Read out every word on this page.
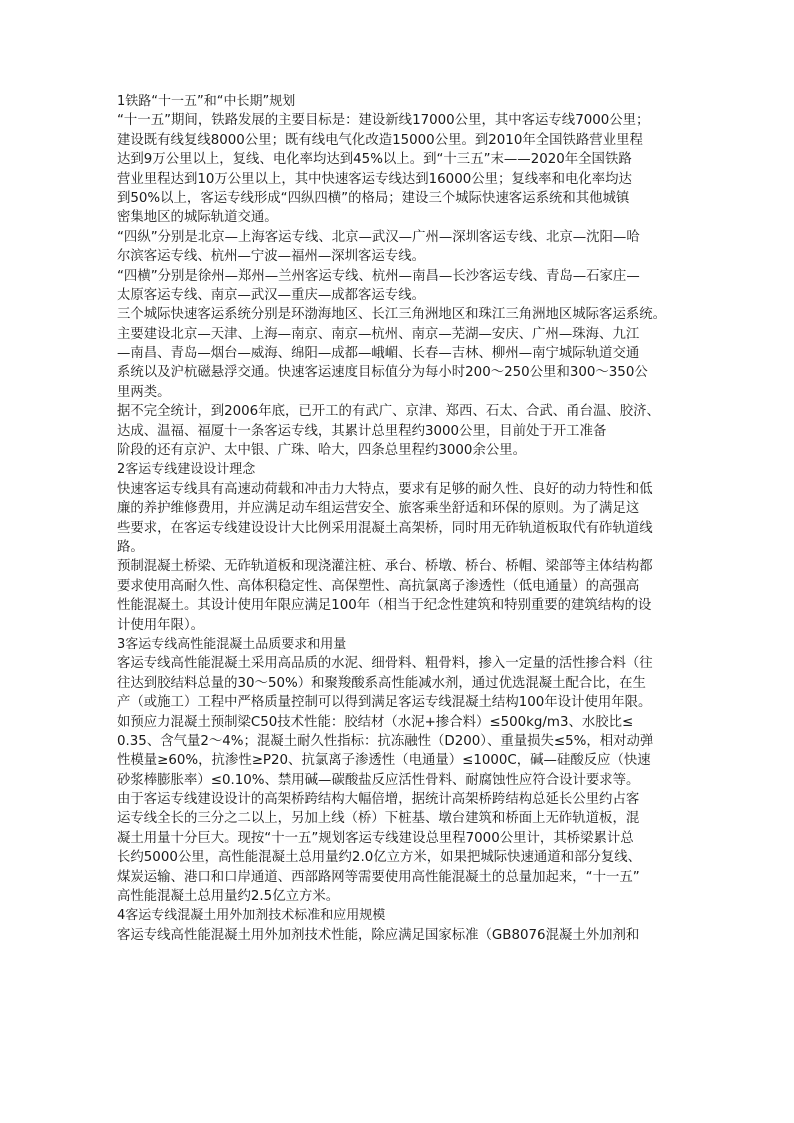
1铁路“十一五”和“中长期”规划
“十一五”期间，铁路发展的主要目标是：建设新线17000公里，其中客运专线7000公里；
建设既有线复线8000公里；既有线电气化改造15000公里。到2010年全国铁路营业里程
达到9万公里以上，复线、电化率均达到45%以上。到“十三五”末——2020年全国铁路
营业里程达到10万公里以上，其中快速客运专线达到16000公里；复线率和电化率均达
到50%以上，客运专线形成“四纵四横”的格局；建设三个城际快速客运系统和其他城镇
密集地区的城际轨道交通。
“四纵”分别是北京—上海客运专线、北京—武汉—广州—深圳客运专线、北京—沈阳—哈
尔滨客运专线、杭州—宁波—福州—深圳客运专线。
“四横”分别是徐州—郑州—兰州客运专线、杭州—南昌—长沙客运专线、青岛—石家庄—
太原客运专线、南京—武汉—重庆—成都客运专线。
三个城际快速客运系统分别是环渤海地区、长江三角洲地区和珠江三角洲地区城际客运系统。
主要建设北京—天津、上海—南京、南京—杭州、南京—芜湖—安庆、广州—珠海、九江
—南昌、青岛—烟台—威海、绵阳—成都—峨嵋、长春—吉林、柳州—南宁城际轨道交通
系统以及沪杭磁悬浮交通。快速客运速度目标值分为每小时200～250公里和300～350公
里两类。
据不完全统计，到2006年底，已开工的有武广、京津、郑西、石太、合武、甬台温、胶济、
达成、温福、福厦十一条客运专线，其累计总里程约3000公里，目前处于开工准备
阶段的还有京沪、太中银、广珠、哈大，四条总里程约3000余公里。
2客运专线建设设计理念
快速客运专线具有高速动荷载和冲击力大特点，要求有足够的耐久性、良好的动力特性和低
廉的养护维修费用，并应满足动车组运营安全、旅客乘坐舒适和环保的原则。为了满足这
些要求，在客运专线建设设计大比例采用混凝土高架桥，同时用无砟轨道板取代有砟轨道线
路。
预制混凝土桥梁、无砟轨道板和现浇灌注桩、承台、桥墩、桥台、桥帽、梁部等主体结构都
要求使用高耐久性、高体积稳定性、高保塑性、高抗氯离子渗透性（低电通量）的高强高
性能混凝土。其设计使用年限应满足100年（相当于纪念性建筑和特别重要的建筑结构的设
计使用年限）。
3客运专线高性能混凝土品质要求和用量
客运专线高性能混凝土采用高品质的水泥、细骨料、粗骨料，掺入一定量的活性掺合料（往
往达到胶结料总量的30～50%）和聚羧酸系高性能减水剂，通过优选混凝土配合比，在生
产（或施工）工程中严格质量控制可以得到满足客运专线混凝土结构100年设计使用年限。
如预应力混凝土预制梁C50技术性能：胶结材（水泥+掺合料）≤500kg/m3、水胶比≤
0.35、含气量2～4%；混凝土耐久性指标：抗冻融性（D200）、重量损失≤5%，相对动弹
性模量≥60%，抗渗性≥P20、抗氯离子渗透性（电通量）≤1000C，碱—硅酸反应（快速
砂浆棒膨胀率）≤0.10%、禁用碱—碳酸盐反应活性骨料、耐腐蚀性应符合设计要求等。
由于客运专线建设设计的高架桥跨结构大幅倍增，据统计高架桥跨结构总延长公里约占客
运专线全长的三分之二以上，另加上线（桥）下桩基、墩台建筑和桥面上无砟轨道板，混
凝土用量十分巨大。现按“十一五”规划客运专线建设总里程7000公里计，其桥梁累计总
长约5000公里，高性能混凝土总用量约2.0亿立方米，如果把城际快速通道和部分复线、
煤炭运输、港口和口岸通道、西部路网等需要使用高性能混凝土的总量加起来，“十一五”
高性能混凝土总用量约2.5亿立方米。
4客运专线混凝土用外加剂技术标准和应用规模
客运专线高性能混凝土用外加剂技术性能，除应满足国家标准（GB8076混凝土外加剂和
